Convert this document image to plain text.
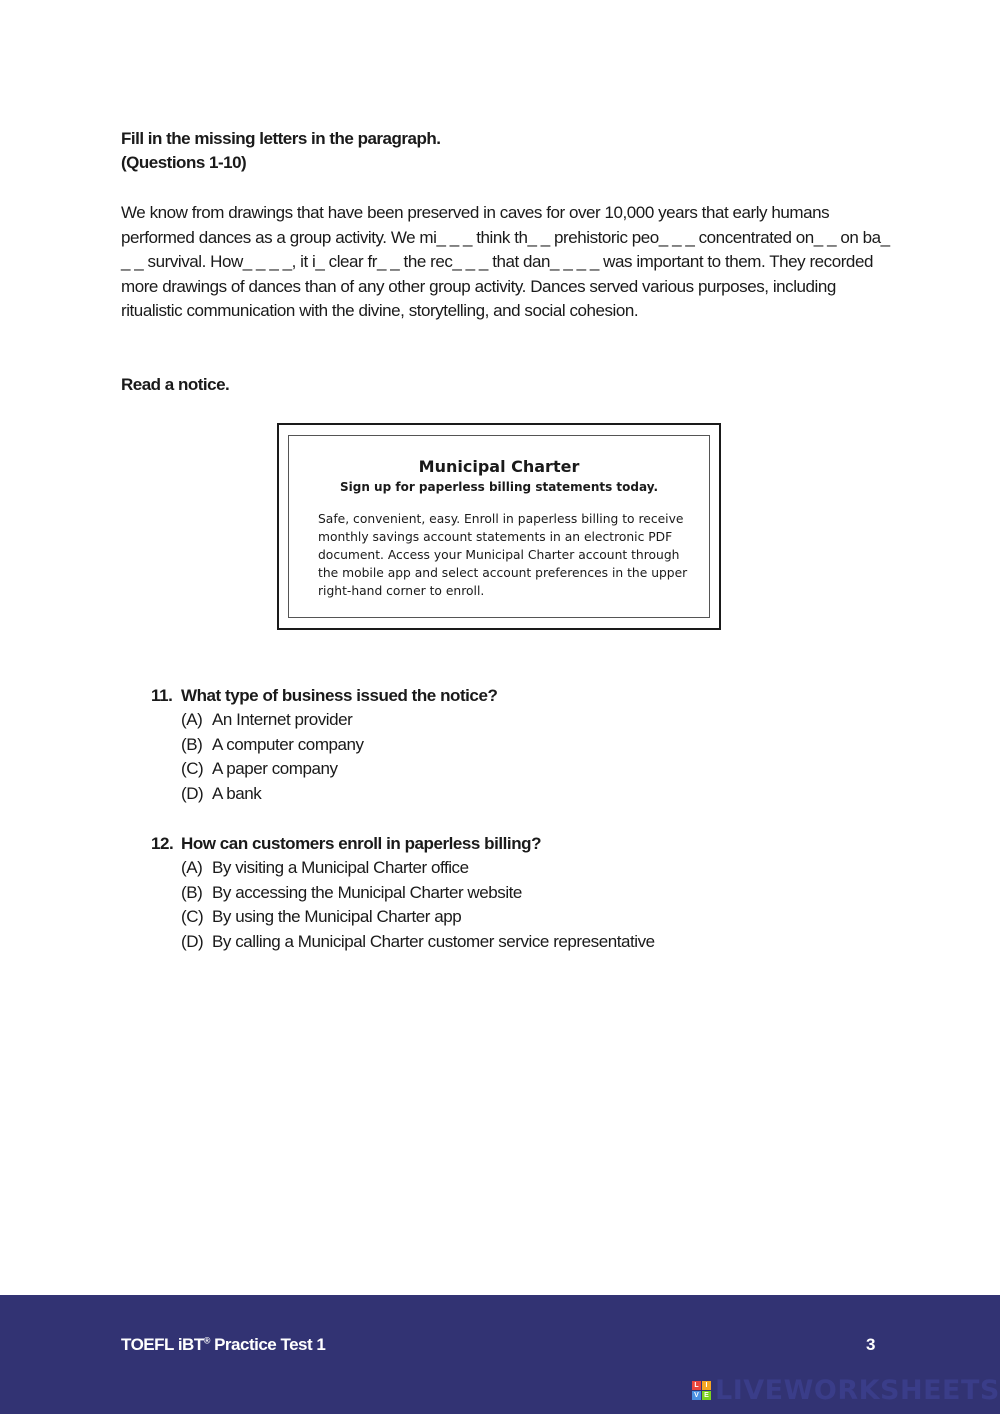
Fill in the missing letters in the paragraph.
(Questions 1-10)
We know from drawings that have been preserved in caves for over 10,000 years that early humans performed dances as a group activity. We mi_ _ _ think th_ _ prehistoric peo_ _ _ concentrated on_ _ on ba_ _ _ survival. How_ _ _ _, it i_ clear fr_ _ the rec_ _ _ that dan_ _ _ _ was important to them. They recorded more drawings of dances than of any other group activity. Dances served various purposes, including ritualistic communication with the divine, storytelling, and social cohesion.
Read a notice.
Municipal Charter
Sign up for paperless billing statements today.
Safe, convenient, easy. Enroll in paperless billing to receive monthly savings account statements in an electronic PDF document. Access your Municipal Charter account through the mobile app and select account preferences in the upper right-hand corner to enroll.
11. What type of business issued the notice?
(A) An Internet provider
(B) A computer company
(C) A paper company
(D) A bank
12. How can customers enroll in paperless billing?
(A) By visiting a Municipal Charter office
(B) By accessing the Municipal Charter website
(C) By using the Municipal Charter app
(D) By calling a Municipal Charter customer service representative
TOEFL iBT® Practice Test 1	3
L I
V E LIVEWORKSHEETS
